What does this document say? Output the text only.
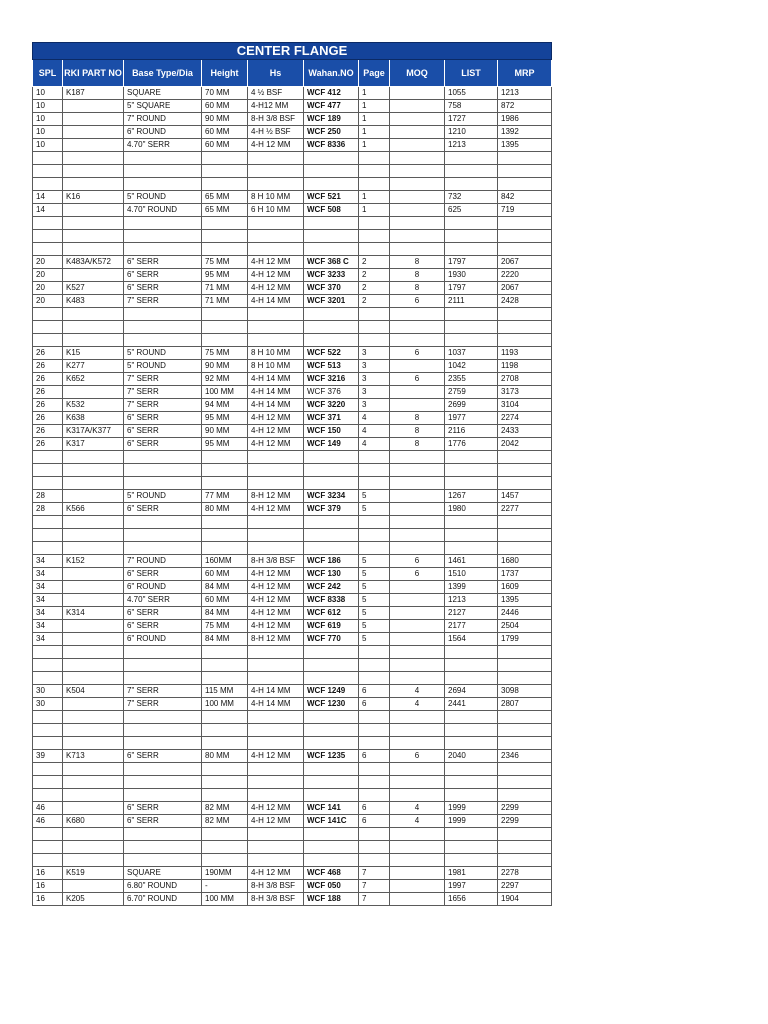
CENTER FLANGE									
SPL	RKI PART NO	Base Type/Dia	Height	Hs	Wahan.NO	Page	MOQ	LIST	MRP
10	K187	SQUARE	70 MM	4 ½ BSF	WCF 412	1		1055	1213
10		5" SQUARE	60 MM	4-H12 MM	WCF 477	1		758	872
10		7" ROUND	90 MM	8-H 3/8 BSF	WCF 189	1		1727	1986
10		6" ROUND	60 MM	4-H ½ BSF	WCF 250	1		1210	1392
10		4.70" SERR	60 MM	4-H 12 MM	WCF 8336	1		1213	1395

14	K16	5" ROUND	65 MM	8 H 10 MM	WCF 521	1		732	842
14		4.70" ROUND	65 MM	6 H 10 MM	WCF 508	1		625	719

20	K483A/K572	6" SERR	75 MM	4-H 12 MM	WCF 368 C	2	8	1797	2067
20		6" SERR	95 MM	4-H 12 MM	WCF 3233	2	8	1930	2220
20	K527	6" SERR	71 MM	4-H 12 MM	WCF 370	2	8	1797	2067
20	K483	7" SERR	71 MM	4-H 14 MM	WCF 3201	2	6	2111	2428

26	K15	5" ROUND	75 MM	8 H 10 MM	WCF 522	3	6	1037	1193
26	K277	5" ROUND	90 MM	8 H 10 MM	WCF 513	3		1042	1198
26	K652	7" SERR	92 MM	4-H 14 MM	WCF 3216	3	6	2355	2708
26		7" SERR	100 MM	4-H 14 MM	WCF 376	3		2759	3173
26	K532	7" SERR	94 MM	4-H 14 MM	WCF 3220	3		2699	3104
26	K638	6" SERR	95 MM	4-H 12 MM	WCF 371	4	8	1977	2274
26	K317A/K377	6" SERR	90 MM	4-H 12 MM	WCF 150	4	8	2116	2433
26	K317	6" SERR	95 MM	4-H 12 MM	WCF 149	4	8	1776	2042

28		5" ROUND	77 MM	8-H 12 MM	WCF 3234	5		1267	1457
28	K566	6" SERR	80 MM	4-H 12 MM	WCF 379	5		1980	2277

34	K152	7" ROUND	160MM	8-H 3/8 BSF	WCF 186	5	6	1461	1680
34		6" SERR	60 MM	4-H 12 MM	WCF 130	5	6	1510	1737
34		6" ROUND	84 MM	4-H 12 MM	WCF 242	5		1399	1609
34		4.70" SERR	60 MM	4-H 12 MM	WCF 8338	5		1213	1395
34	K314	6" SERR	84 MM	4-H 12 MM	WCF 612	5		2127	2446
34		6" SERR	75 MM	4-H 12 MM	WCF 619	5		2177	2504
34		6" ROUND	84 MM	8-H 12 MM	WCF 770	5		1564	1799

30	K504	7" SERR	115 MM	4-H 14 MM	WCF 1249	6	4	2694	3098
30		7" SERR	100 MM	4-H 14 MM	WCF 1230	6	4	2441	2807

39	K713	6" SERR	80 MM	4-H 12 MM	WCF 1235	6	6	2040	2346

46		6" SERR	82 MM	4-H 12 MM	WCF 141	6	4	1999	2299
46	K680	6" SERR	82 MM	4-H 12 MM	WCF 141C	6	4	1999	2299

16	K519	SQUARE	190MM	4-H 12 MM	WCF 468	7		1981	2278
16		6.80" ROUND	-	8-H 3/8 BSF	WCF 050	7		1997	2297
16	K205	6.70" ROUND	100 MM	8-H 3/8 BSF	WCF 188	7		1656	1904
